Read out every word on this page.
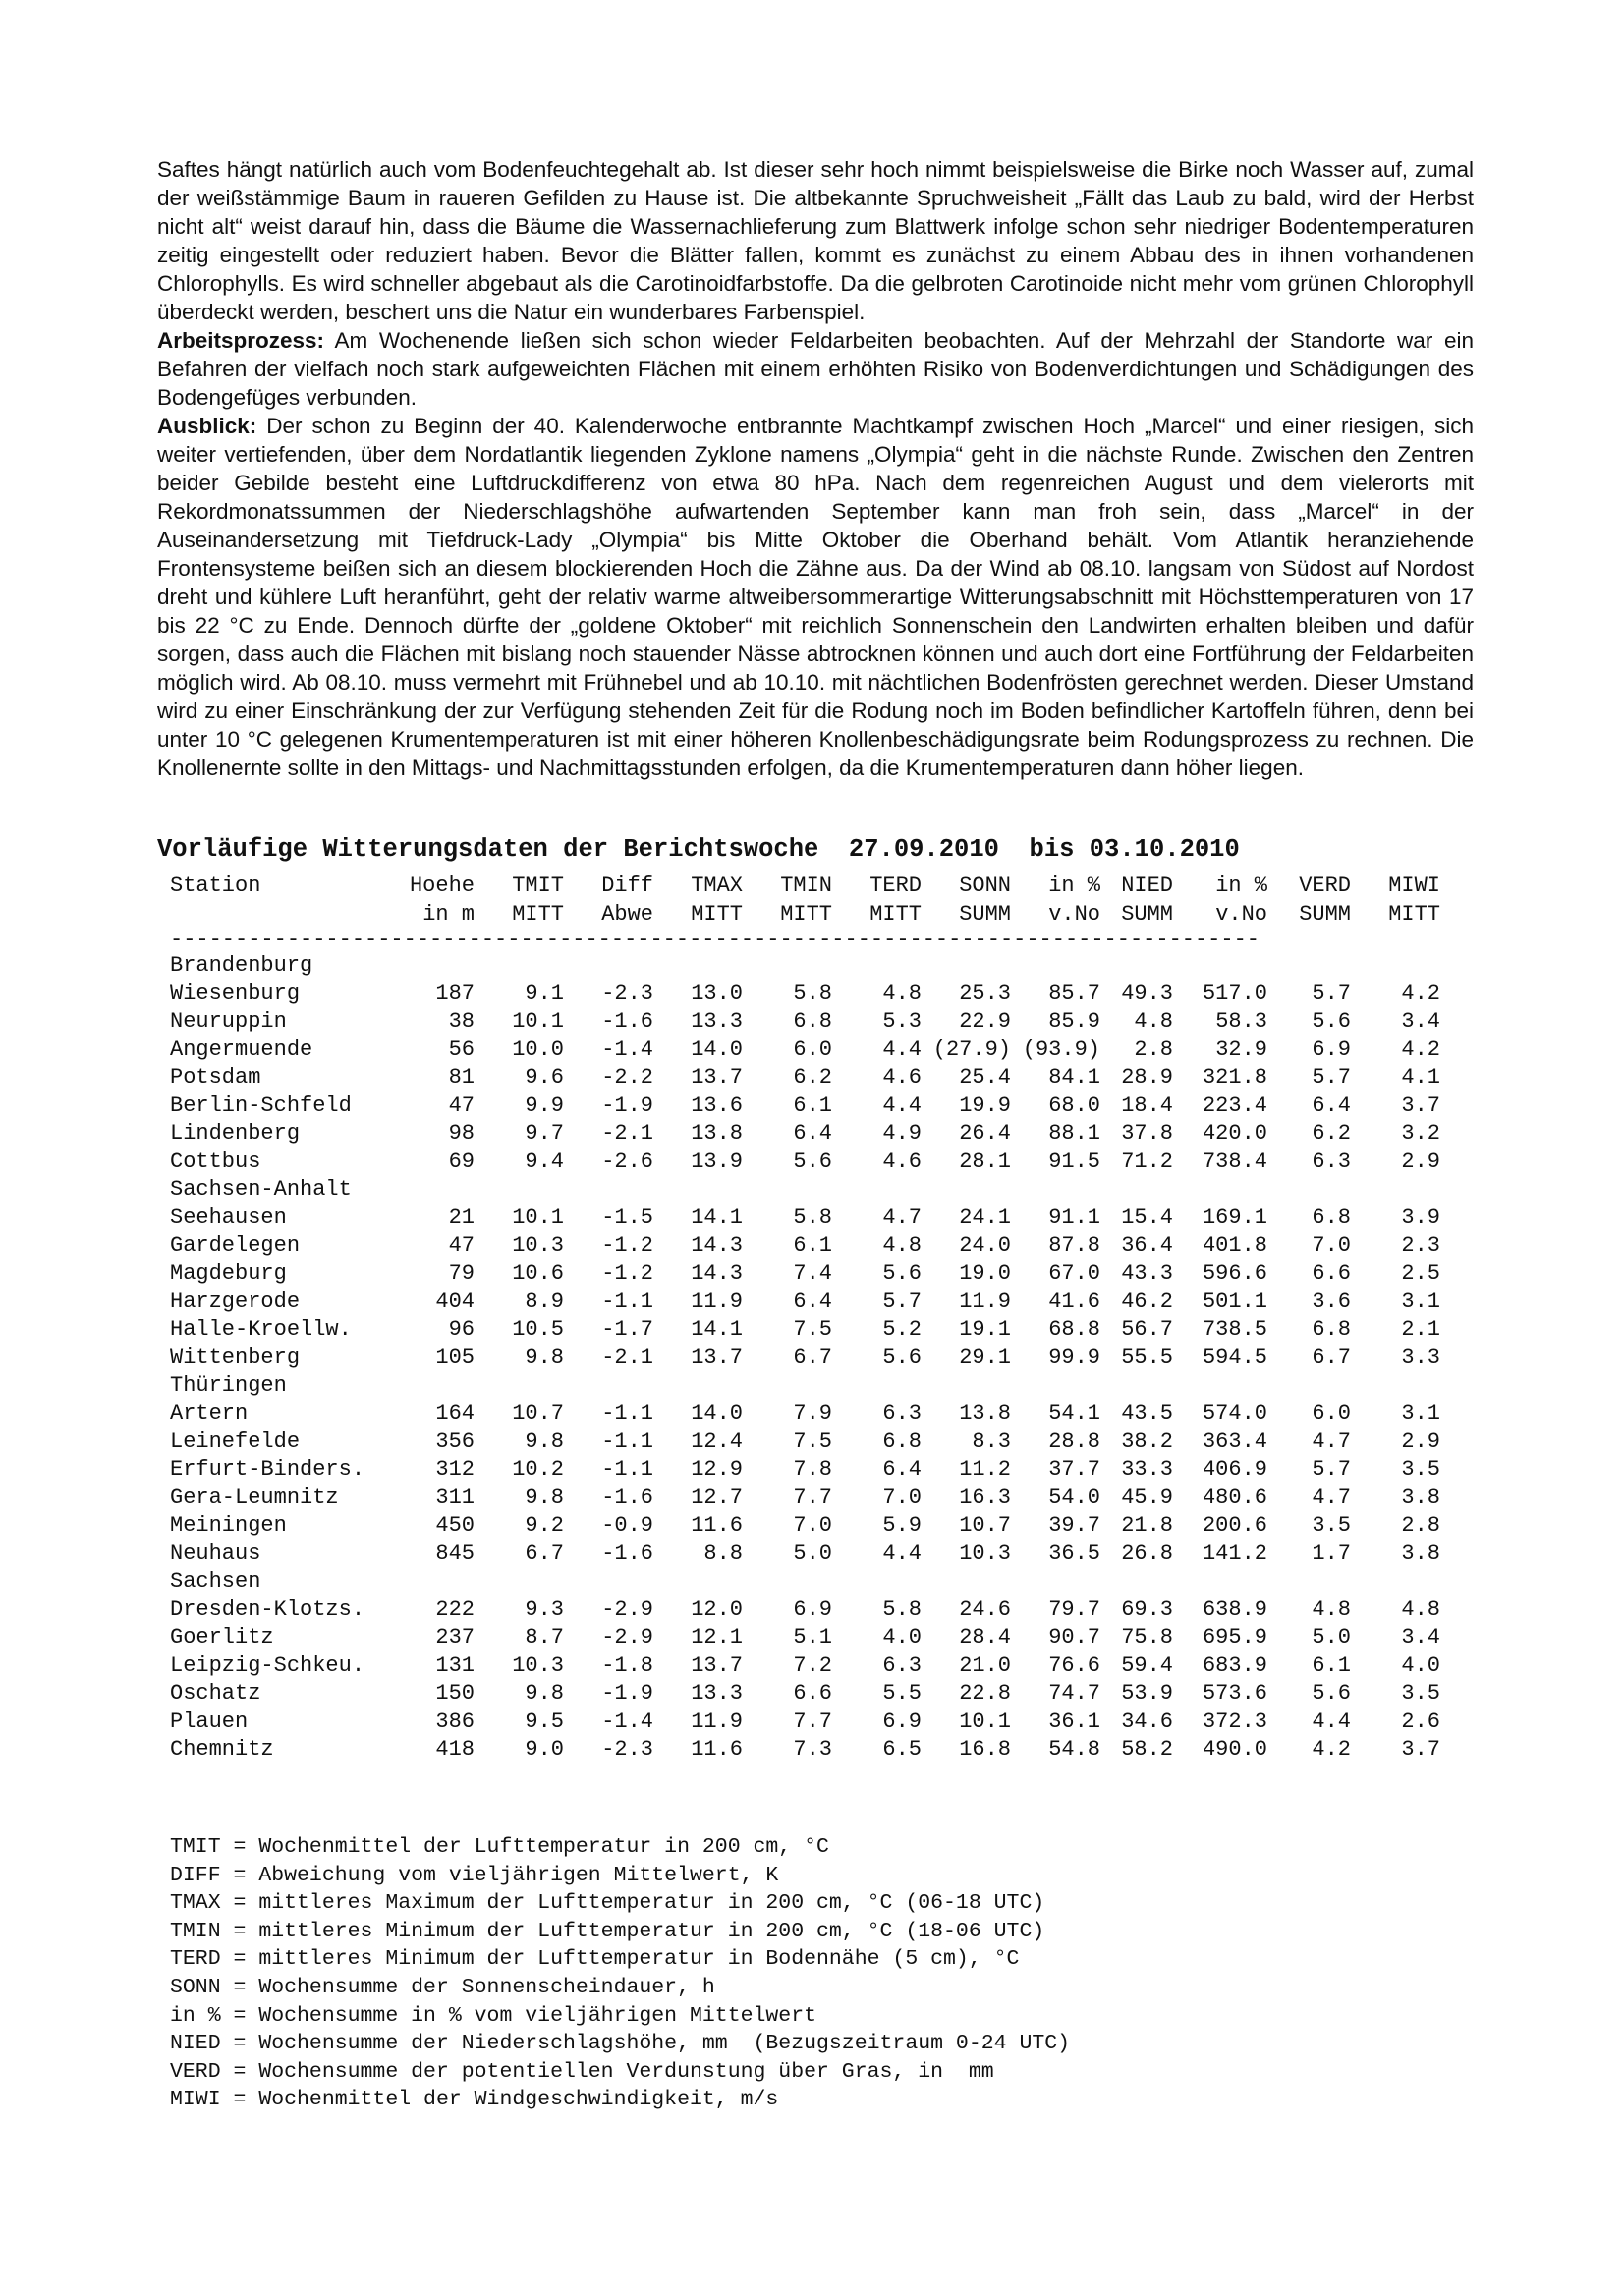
Saftes hängt natürlich auch vom Bodenfeuchtegehalt ab. Ist dieser sehr hoch nimmt beispielsweise die Birke noch Wasser auf, zumal der weißstämmige Baum in raueren Gefilden zu Hause ist. Die altbekannte Spruchweisheit „Fällt das Laub zu bald, wird der Herbst nicht alt“ weist darauf hin, dass die Bäume die Wassernachlieferung zum Blattwerk infolge schon sehr niedriger Bodentemperaturen zeitig eingestellt oder reduziert haben. Bevor die Blätter fallen, kommt es zunächst zu einem Abbau des in ihnen vorhandenen Chlorophylls. Es wird schneller abgebaut als die Carotinoidfarbstoffe. Da die gelbroten Carotinoide nicht mehr vom grünen Chlorophyll überdeckt werden, beschert uns die Natur ein wunderbares Farbenspiel.

Arbeitsprozess: Am Wochenende ließen sich schon wieder Feldarbeiten beobachten. Auf der Mehrzahl der Standorte war ein Befahren der vielfach noch stark aufgeweichten Flächen mit einem erhöhten Risiko von Bodenverdichtungen und Schädigungen des Bodengefüges verbunden.

Ausblick: Der schon zu Beginn der 40. Kalenderwoche entbrannte Machtkampf zwischen Hoch „Marcel“ und einer riesigen, sich weiter vertiefenden, über dem Nordatlantik liegenden Zyklone namens „Olympia“ geht in die nächste Runde. Zwischen den Zentren beider Gebilde besteht eine Luftdruckdifferenz von etwa 80 hPa. Nach dem regenreichen August und dem vielerorts mit Rekordmonatssummen der Niederschlagshöhe aufwartenden September kann man froh sein, dass „Marcel“ in der Auseinandersetzung mit Tiefdruck-Lady „Olympia“ bis Mitte Oktober die Oberhand behält. Vom Atlantik heranziehende Frontensysteme beißen sich an diesem blockierenden Hoch die Zähne aus. Da der Wind ab 08.10. langsam von Südost auf Nordost dreht und kühlere Luft heranführt, geht der relativ warme altweibersommerartige Witterungsabschnitt mit Höchsttemperaturen von 17 bis 22 °C zu Ende. Dennoch dürfte der „goldene Oktober“ mit reichlich Sonnenschein den Landwirten erhalten bleiben und dafür sorgen, dass auch die Flächen mit bislang noch stauender Nässe abtrocknen können und auch dort eine Fortführung der Feldarbeiten möglich wird. Ab 08.10. muss vermehrt mit Frühnebel und ab 10.10. mit nächtlichen Bodenfrösten gerechnet werden. Dieser Umstand wird zu einer Einschränkung der zur Verfügung stehenden Zeit für die Rodung noch im Boden befindlicher Kartoffeln führen, denn bei unter 10 °C gelegenen Krumentemperaturen ist mit einer höheren Knollenbeschädigungsrate beim Rodungsprozess zu rechnen. Die Knollenernte sollte in den Mittags- und Nachmittagsstunden erfolgen, da die Krumentemperaturen dann höher liegen.

Vorläufige Witterungsdaten der Berichtswoche  27.09.2010  bis 03.10.2010
Station	Hoehe	TMIT	Diff	TMAX	TMIN	TERD	SONN	in %	NIED	in %	VERD	MIWI
	in m	MITT	Abwe	MITT	MITT	MITT	SUMM	v.No	SUMM	v.No	SUMM	MITT
------------------------------------------------------------------------------------												
Brandenburg												
Wiesenburg	187	9.1	-2.3	13.0	5.8	4.8	25.3	85.7	49.3	517.0	5.7	4.2
Neuruppin	38	10.1	-1.6	13.3	6.8	5.3	22.9	85.9	4.8	58.3	5.6	3.4
Angermuende	56	10.0	-1.4	14.0	6.0	4.4	(27.9)	(93.9)	2.8	32.9	6.9	4.2
Potsdam	81	9.6	-2.2	13.7	6.2	4.6	25.4	84.1	28.9	321.8	5.7	4.1
Berlin-Schfeld	47	9.9	-1.9	13.6	6.1	4.4	19.9	68.0	18.4	223.4	6.4	3.7
Lindenberg	98	9.7	-2.1	13.8	6.4	4.9	26.4	88.1	37.8	420.0	6.2	3.2
Cottbus	69	9.4	-2.6	13.9	5.6	4.6	28.1	91.5	71.2	738.4	6.3	2.9
Sachsen-Anhalt												
Seehausen	21	10.1	-1.5	14.1	5.8	4.7	24.1	91.1	15.4	169.1	6.8	3.9
Gardelegen	47	10.3	-1.2	14.3	6.1	4.8	24.0	87.8	36.4	401.8	7.0	2.3
Magdeburg	79	10.6	-1.2	14.3	7.4	5.6	19.0	67.0	43.3	596.6	6.6	2.5
Harzgerode	404	8.9	-1.1	11.9	6.4	5.7	11.9	41.6	46.2	501.1	3.6	3.1
Halle-Kroellw.	96	10.5	-1.7	14.1	7.5	5.2	19.1	68.8	56.7	738.5	6.8	2.1
Wittenberg	105	9.8	-2.1	13.7	6.7	5.6	29.1	99.9	55.5	594.5	6.7	3.3
Thüringen												
Artern	164	10.7	-1.1	14.0	7.9	6.3	13.8	54.1	43.5	574.0	6.0	3.1
Leinefelde	356	9.8	-1.1	12.4	7.5	6.8	8.3	28.8	38.2	363.4	4.7	2.9
Erfurt-Binders.	312	10.2	-1.1	12.9	7.8	6.4	11.2	37.7	33.3	406.9	5.7	3.5
Gera-Leumnitz	311	9.8	-1.6	12.7	7.7	7.0	16.3	54.0	45.9	480.6	4.7	3.8
Meiningen	450	9.2	-0.9	11.6	7.0	5.9	10.7	39.7	21.8	200.6	3.5	2.8
Neuhaus	845	6.7	-1.6	8.8	5.0	4.4	10.3	36.5	26.8	141.2	1.7	3.8
Sachsen												
Dresden-Klotzs.	222	9.3	-2.9	12.0	6.9	5.8	24.6	79.7	69.3	638.9	4.8	4.8
Goerlitz	237	8.7	-2.9	12.1	5.1	4.0	28.4	90.7	75.8	695.9	5.0	3.4
Leipzig-Schkeu.	131	10.3	-1.8	13.7	7.2	6.3	21.0	76.6	59.4	683.9	6.1	4.0
Oschatz	150	9.8	-1.9	13.3	6.6	5.5	22.8	74.7	53.9	573.6	5.6	3.5
Plauen	386	9.5	-1.4	11.9	7.7	6.9	10.1	36.1	34.6	372.3	4.4	2.6
Chemnitz	418	9.0	-2.3	11.6	7.3	6.5	16.8	54.8	58.2	490.0	4.2	3.7
TMIT = Wochenmittel der Lufttemperatur in 200 cm, °C
DIFF = Abweichung vom vieljährigen Mittelwert, K
TMAX = mittleres Maximum der Lufttemperatur in 200 cm, °C (06-18 UTC)
TMIN = mittleres Minimum der Lufttemperatur in 200 cm, °C (18-06 UTC)
TERD = mittleres Minimum der Lufttemperatur in Bodennähe (5 cm), °C
SONN = Wochensumme der Sonnenscheindauer, h
in % = Wochensumme in % vom vieljährigen Mittelwert
NIED = Wochensumme der Niederschlagshöhe, mm  (Bezugszeitraum 0-24 UTC)
VERD = Wochensumme der potentiellen Verdunstung über Gras, in  mm
MIWI = Wochenmittel der Windgeschwindigkeit, m/s
